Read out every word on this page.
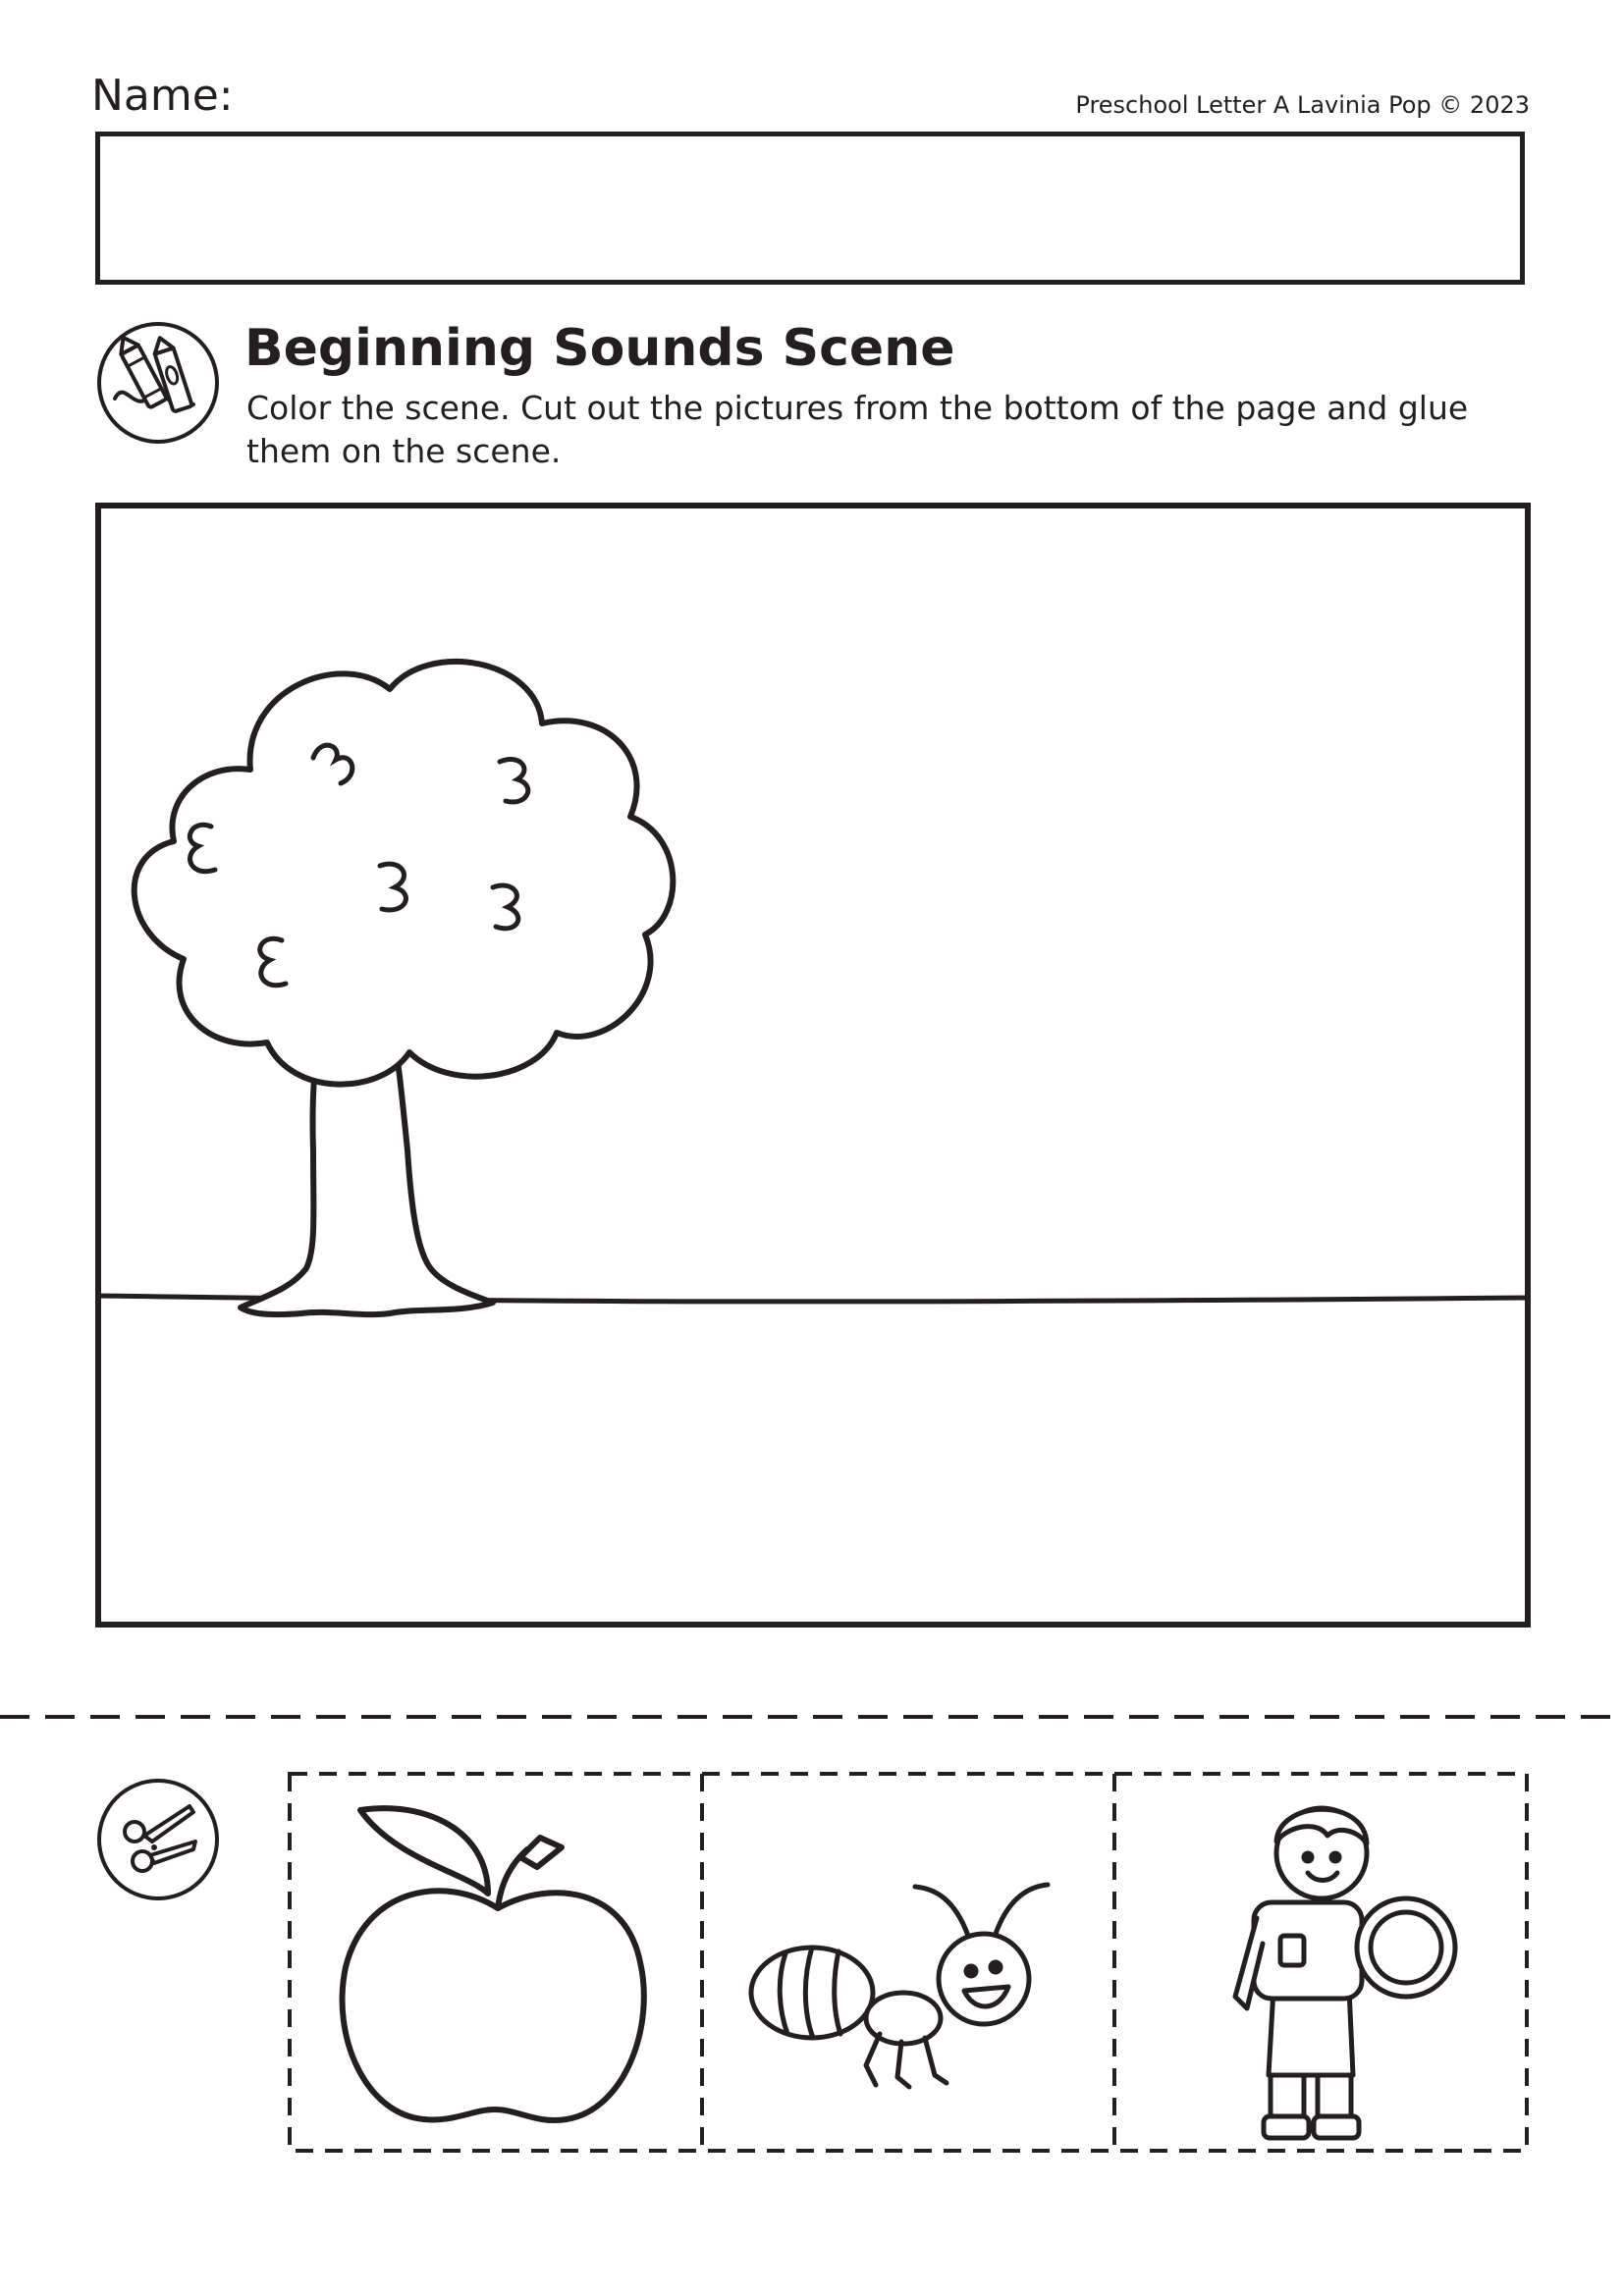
Name:	Preschool Letter A Lavinia Pop © 2023
Beginning Sounds Scene
Color the scene. Cut out the pictures from the bottom of the page and glue them on the scene.
